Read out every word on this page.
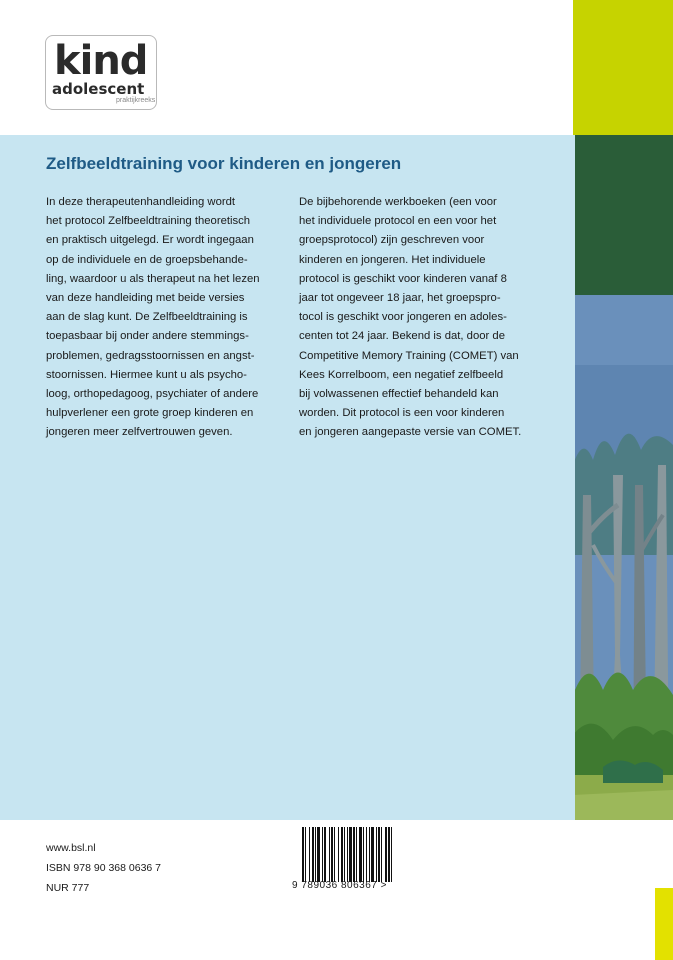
kind
adolescent
praktijkreeks
Zelfbeeldtraining voor kinderen en jongeren

In deze therapeutenhandleiding wordt

het protocol Zelfbeeldtraining theoretisch

en praktisch uitgelegd. Er wordt ingegaan

op de individuele en de groepsbehande-

ling, waardoor u als therapeut na het lezen

van deze handleiding met beide versies

aan de slag kunt. De Zelfbeeldtraining is

toepasbaar bij onder andere stemmings-

problemen, gedragsstoornissen en angst-

stoornissen. Hiermee kunt u als psycho-

loog, orthopedagoog, psychiater of andere

hulpverlener een grote groep kinderen en

jongeren meer zelfvertrouwen geven.

De bijbehorende werkboeken (een voor

het individuele protocol en een voor het

groepsprotocol) zijn geschreven voor

kinderen en jongeren. Het individuele

protocol is geschikt voor kinderen vanaf 8

jaar tot ongeveer 18 jaar, het groepspro-

tocol is geschikt voor jongeren en adoles-

centen tot 24 jaar. Bekend is dat, door de

Competitive Memory Training (COMET) van

Kees Korrelboom, een negatief zelfbeeld

bij volwassenen effectief behandeld kan

worden. Dit protocol is een voor kinderen

en jongeren aangepaste versie van COMET.

www.bsl.nl
ISBN 978 90 368 0636 7
NUR 777	9 789036 806367 >
